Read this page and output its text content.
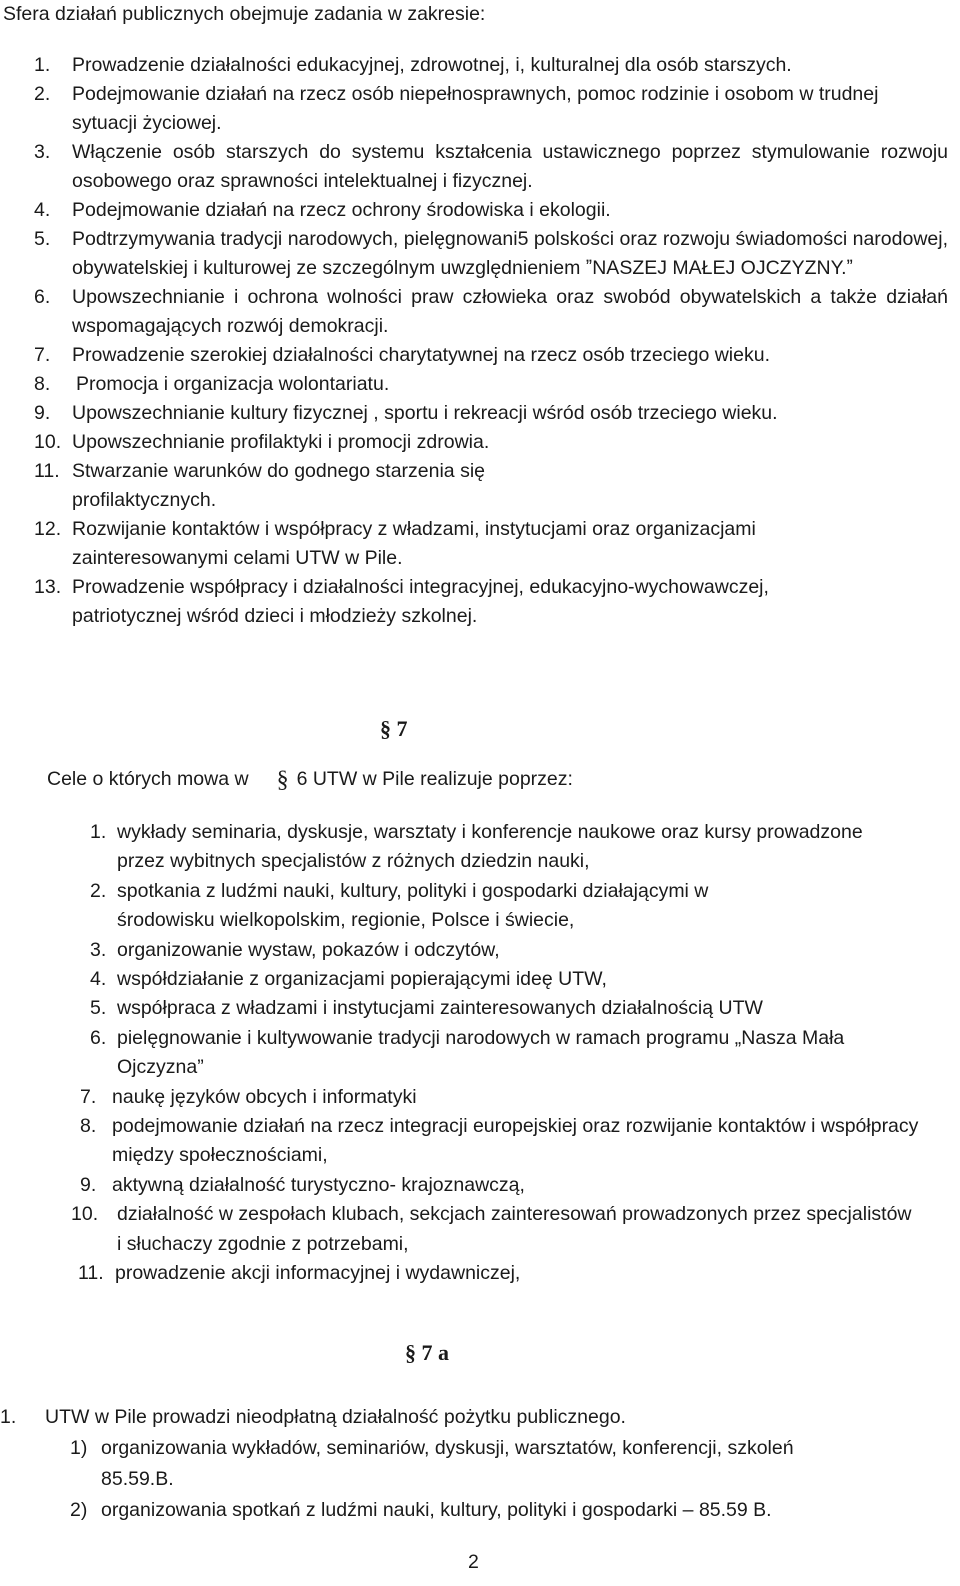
Sfera działań publicznych obejmuje zadania w zakresie:
1. Prowadzenie działalności edukacyjnej, zdrowotnej, i, kulturalnej dla osób starszych.
2. Podejmowanie działań na rzecz osób niepełnosprawnych, pomoc rodzinie i osobom w trudnej sytuacji życiowej.
3. Włączenie osób starszych do systemu kształcenia ustawicznego poprzez stymulowanie rozwoju osobowego oraz sprawności intelektualnej i fizycznej.
4. Podejmowanie działań na rzecz ochrony środowiska i ekologii.
5. Podtrzymywania tradycji narodowych, pielęgnowani5 polskości oraz rozwoju świadomości narodowej, obywatelskiej i kulturowej ze szczególnym uwzględnieniem ˮNASZEJ MAŁEJ OJCZYZNY.ˮ
6. Upowszechnianie i ochrona wolności praw człowieka oraz swobód obywatelskich a także działań wspomagających rozwój demokracji.
7. Prowadzenie szerokiej działalności charytatywnej na rzecz osób trzeciego wieku.
8. Promocja i organizacja wolontariatu.
9. Upowszechnianie kultury fizycznej , sportu i rekreacji wśród osób trzeciego wieku.
10. Upowszechnianie profilaktyki i promocji zdrowia.
11. Stwarzanie warunków do godnego starzenia się
profilaktycznych.
12. Rozwijanie kontaktów i współpracy z władzami, instytucjami oraz organizacjami zainteresowanymi celami UTW w Pile.
13. Prowadzenie współpracy i działalności integracyjnej, edukacyjno-wychowawczej, patriotycznej wśród dzieci i młodzieży szkolnej.
§ 7
Cele o których mowa w § 6 UTW w Pile realizuje poprzez:
1. wykłady seminaria, dyskusje, warsztaty i konferencje naukowe oraz kursy prowadzone przez wybitnych specjalistów z różnych dziedzin nauki,
2. spotkania z ludźmi nauki, kultury, polityki i gospodarki działającymi w środowisku wielkopolskim, regionie, Polsce i świecie,
3. organizowanie wystaw, pokazów i odczytów,
4. współdziałanie z organizacjami popierającymi ideę UTW,
5. współpraca z władzami i instytucjami zainteresowanych działalnością UTW
6. pielęgnowanie i kultywowanie tradycji narodowych w ramach programu „Nasza Mała Ojczyzna”
7. naukę języków obcych i informatyki
8. podejmowanie działań na rzecz integracji europejskiej oraz rozwijanie kontaktów i współpracy między społecznościami,
9. aktywną działalność turystyczno- krajoznawczą,
10. działalność w zespołach klubach, sekcjach zainteresowań prowadzonych przez specjalistów i słuchaczy zgodnie z potrzebami,
11. prowadzenie akcji informacyjnej i wydawniczej,
§ 7 a
1. UTW w Pile prowadzi nieodpłatną działalność pożytku publicznego.

1) organizowania wykładów, seminariów, dyskusji, warsztatów, konferencji, szkoleń

85.59.B.

2) organizowania spotkań z ludźmi nauki, kultury, polityki i gospodarki – 85.59 B.

2
